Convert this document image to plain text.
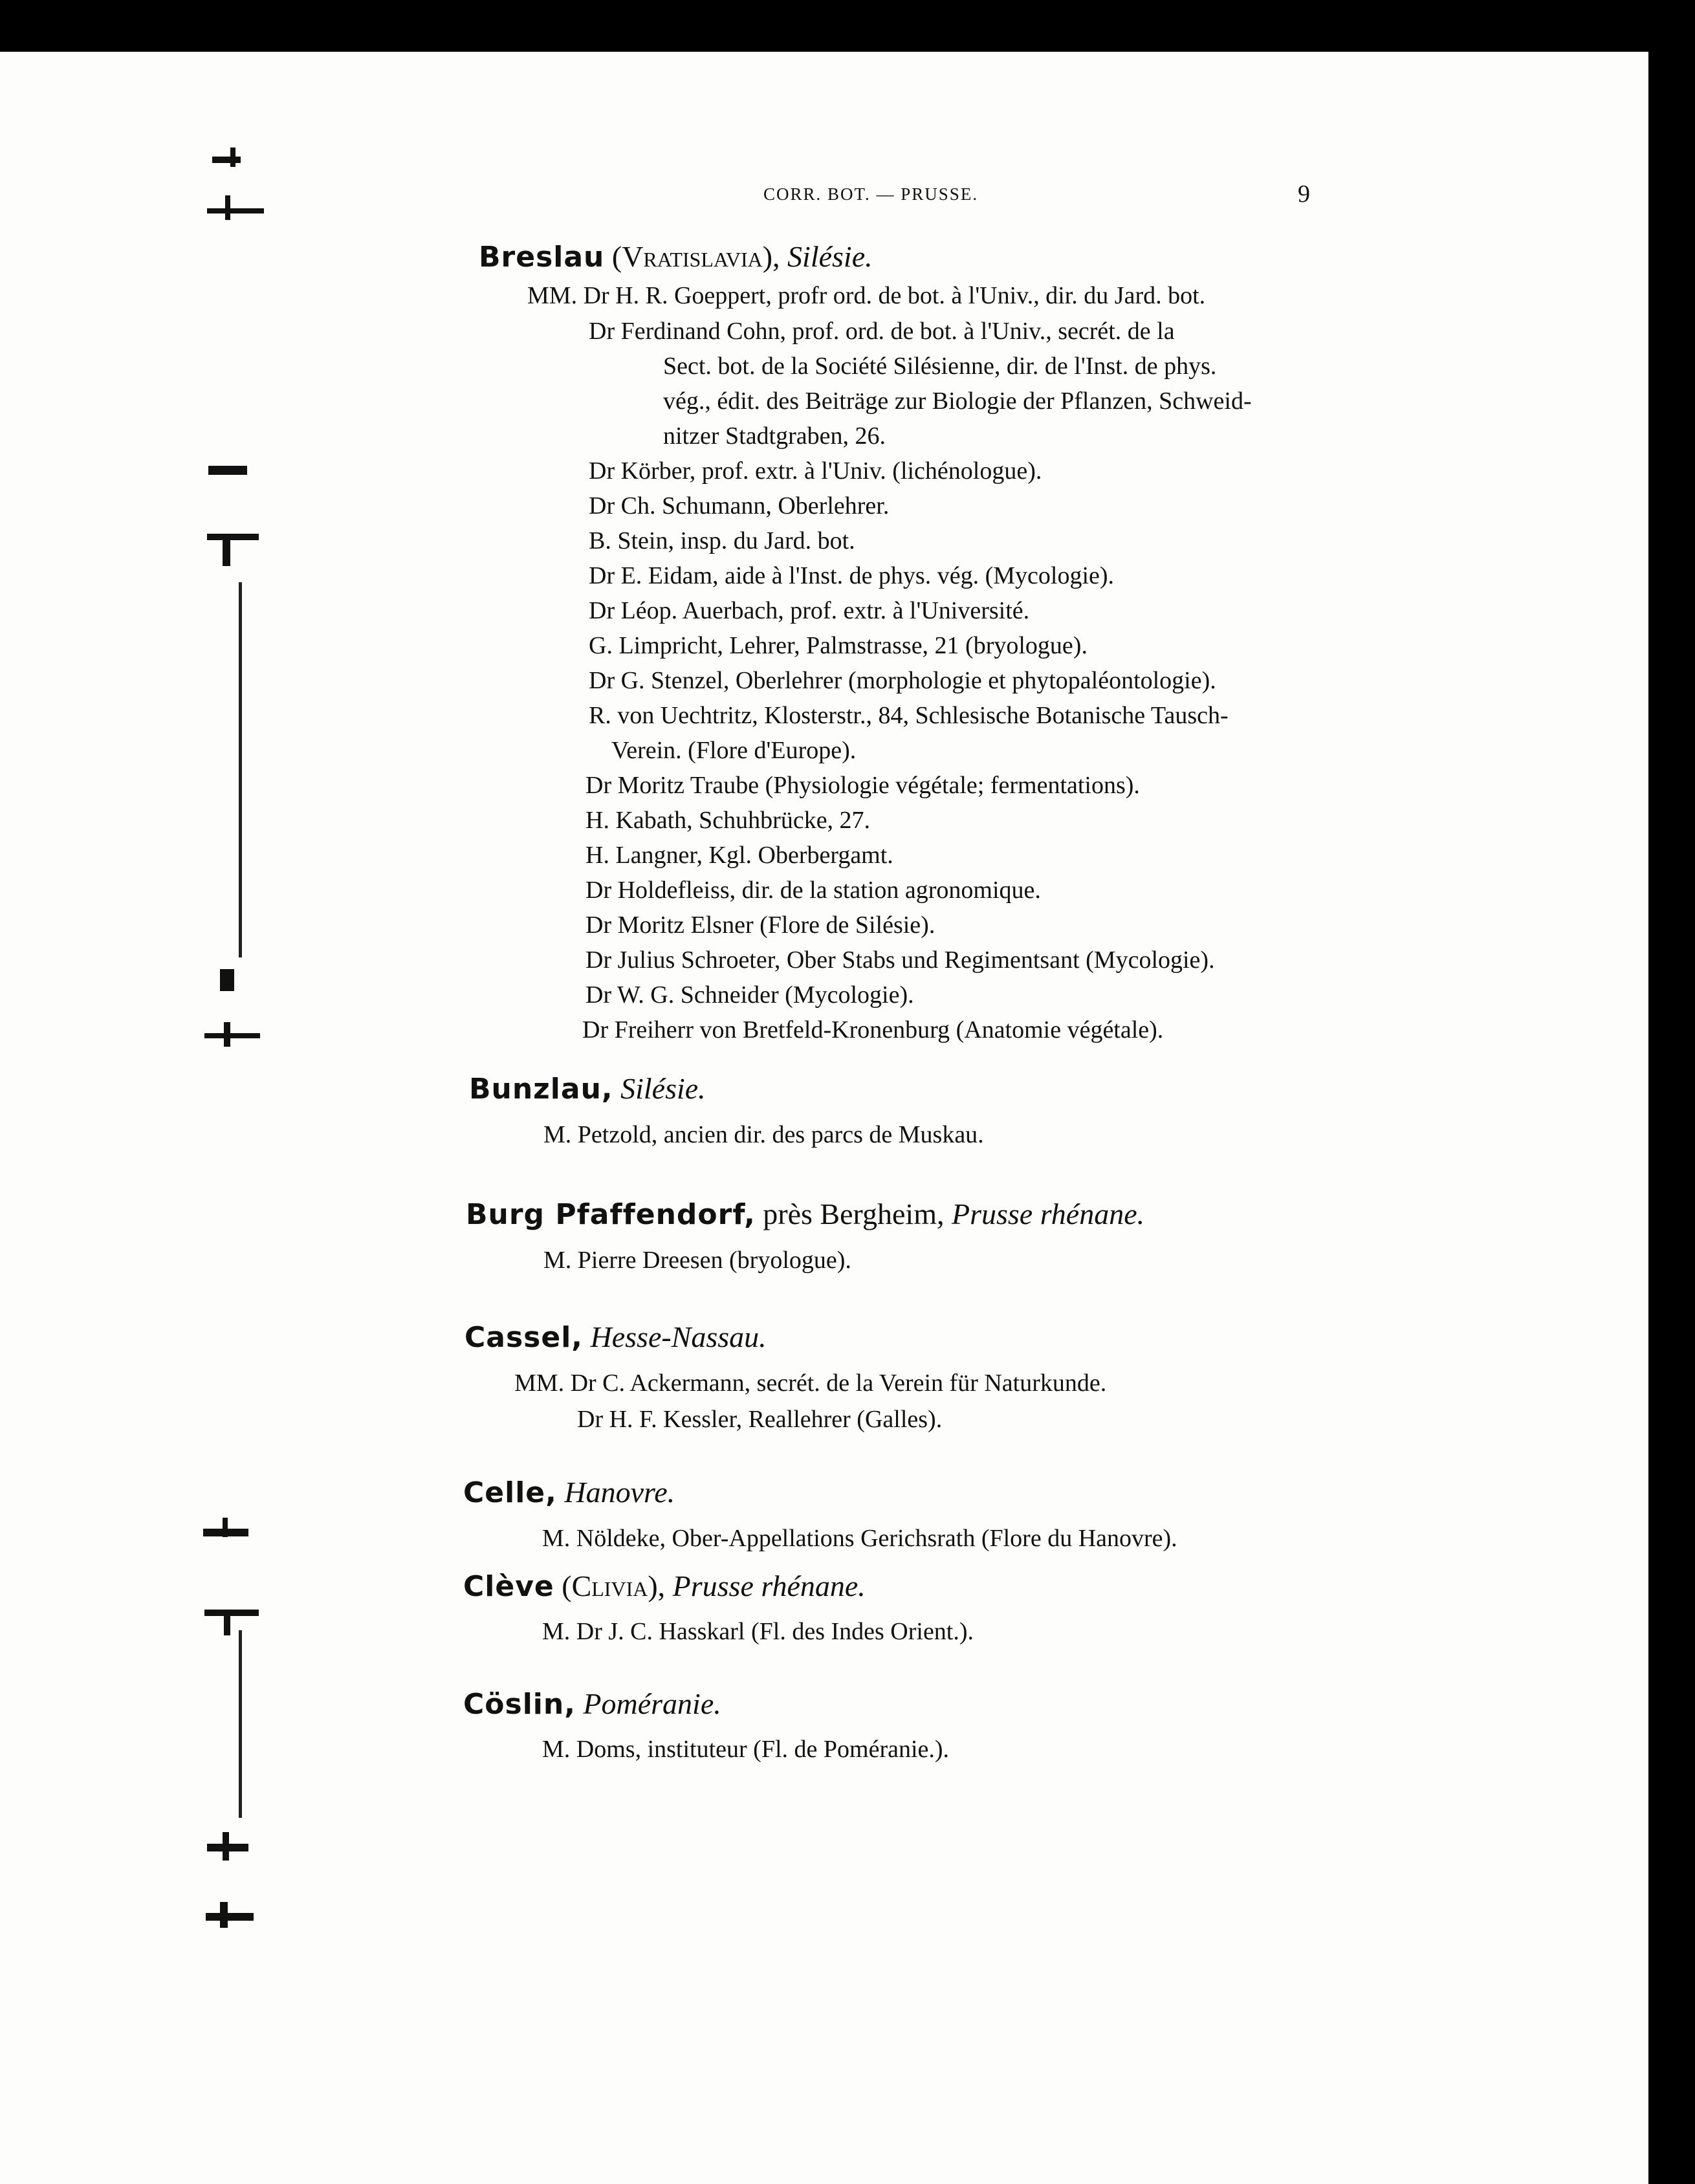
CORR. BOT. — PRUSSE.	9
Breslau (Vratislavia), Silésie.
MM. Dr H. R. Goeppert, profr ord. de bot. à l'Univ., dir. du Jard. bot.
Dr Ferdinand Cohn, prof. ord. de bot. à l'Univ., secrét. de la
Sect. bot. de la Société Silésienne, dir. de l'Inst. de phys.
vég., édit. des Beiträge zur Biologie der Pflanzen, Schweid-
nitzer Stadtgraben, 26.
Dr Körber, prof. extr. à l'Univ. (lichénologue).
Dr Ch. Schumann, Oberlehrer.
B. Stein, insp. du Jard. bot.
Dr E. Eidam, aide à l'Inst. de phys. vég. (Mycologie).
Dr Léop. Auerbach, prof. extr. à l'Université.
G. Limpricht, Lehrer, Palmstrasse, 21 (bryologue).
Dr G. Stenzel, Oberlehrer (morphologie et phytopaléontologie).
R. von Uechtritz, Klosterstr., 84, Schlesische Botanische Tausch-
Verein. (Flore d'Europe).
Dr Moritz Traube (Physiologie végétale; fermentations).
H. Kabath, Schuhbrücke, 27.
H. Langner, Kgl. Oberbergamt.
Dr Holdefleiss, dir. de la station agronomique.
Dr Moritz Elsner (Flore de Silésie).
Dr Julius Schroeter, Ober Stabs und Regimentsant (Mycologie).
Dr W. G. Schneider (Mycologie).
Dr Freiherr von Bretfeld-Kronenburg (Anatomie végétale).
Bunzlau, Silésie.
M. Petzold, ancien dir. des parcs de Muskau.
Burg Pfaffendorf, près Bergheim, Prusse rhénane.
M. Pierre Dreesen (bryologue).
Cassel, Hesse-Nassau.
MM. Dr C. Ackermann, secrét. de la Verein für Naturkunde.
Dr H. F. Kessler, Reallehrer (Galles).
Celle, Hanovre.
M. Nöldeke, Ober-Appellations Gerichsrath (Flore du Hanovre).
Clève (Clivia), Prusse rhénane.
M. Dr J. C. Hasskarl (Fl. des Indes Orient.).
Cöslin, Poméranie.
M. Doms, instituteur (Fl. de Poméranie.).
